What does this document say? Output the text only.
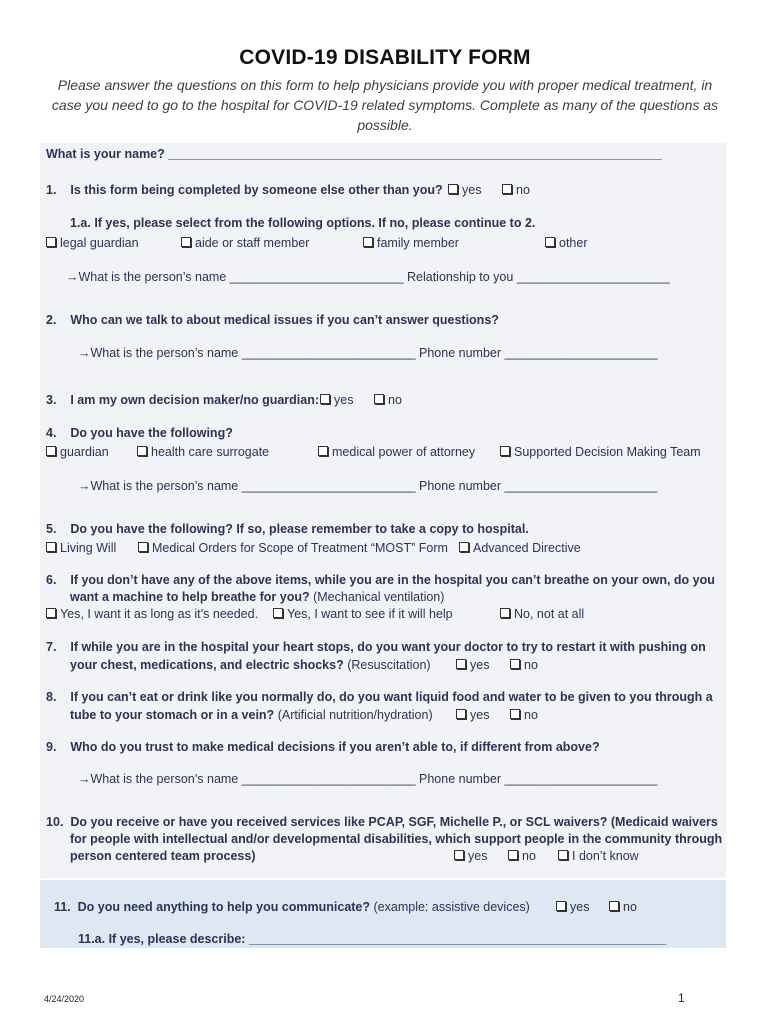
COVID-19 DISABILITY FORM
Please answer the questions on this form to help physicians provide you with proper medical treatment, in case you need to go to the hospital for COVID-19 related symptoms. Complete as many of the questions as possible.
What is your name? _______________________________________________________________________
1. Is this form being completed by someone else other than you?	yes	no
1.a. If yes, please select from the following options. If no, please continue to 2.
legal guardian	aide or staff member	family member	other
→What is the person’s name _________________________ Relationship to you ______________________
2. Who can we talk to about medical issues if you can’t answer questions?
→What is the person’s name _________________________ Phone number ______________________
3. I am my own decision maker/no guardian:	yes	no
4. Do you have the following?
guardian	health care surrogate	medical power of attorney	Supported Decision Making Team
→What is the person’s name _________________________ Phone number ______________________
5. Do you have the following? If so, please remember to take a copy to hospital.
Living Will	Medical Orders for Scope of Treatment “MOST” Form	Advanced Directive
6. If you don’t have any of the above items, while you are in the hospital you can’t breathe on your own, do you
want a machine to help breathe for you? (Mechanical ventilation)
Yes, I want it as long as it’s needed.	Yes, I want to see if it will help	No, not at all
7. If while you are in the hospital your heart stops, do you want your doctor to try to restart it with pushing on
your chest, medications, and electric shocks? (Resuscitation)	yes	no
8. If you can’t eat or drink like you normally do, do you want liquid food and water to be given to you through a
tube to your stomach or in a vein? (Artificial nutrition/hydration)	yes	no
9. Who do you trust to make medical decisions if you aren’t able to, if different from above?
→What is the person’s name _________________________ Phone number ______________________
10. Do you receive or have you received services like PCAP, SGF, Michelle P., or SCL waivers? (Medicaid waivers
for people with intellectual and/or developmental disabilities, which support people in the community through
person centered team process)	yes	no	I don’t know
11. Do you need anything to help you communicate? (example: assistive devices)	yes	no
11.a. If yes, please describe: ____________________________________________________________
4/24/2020	1
